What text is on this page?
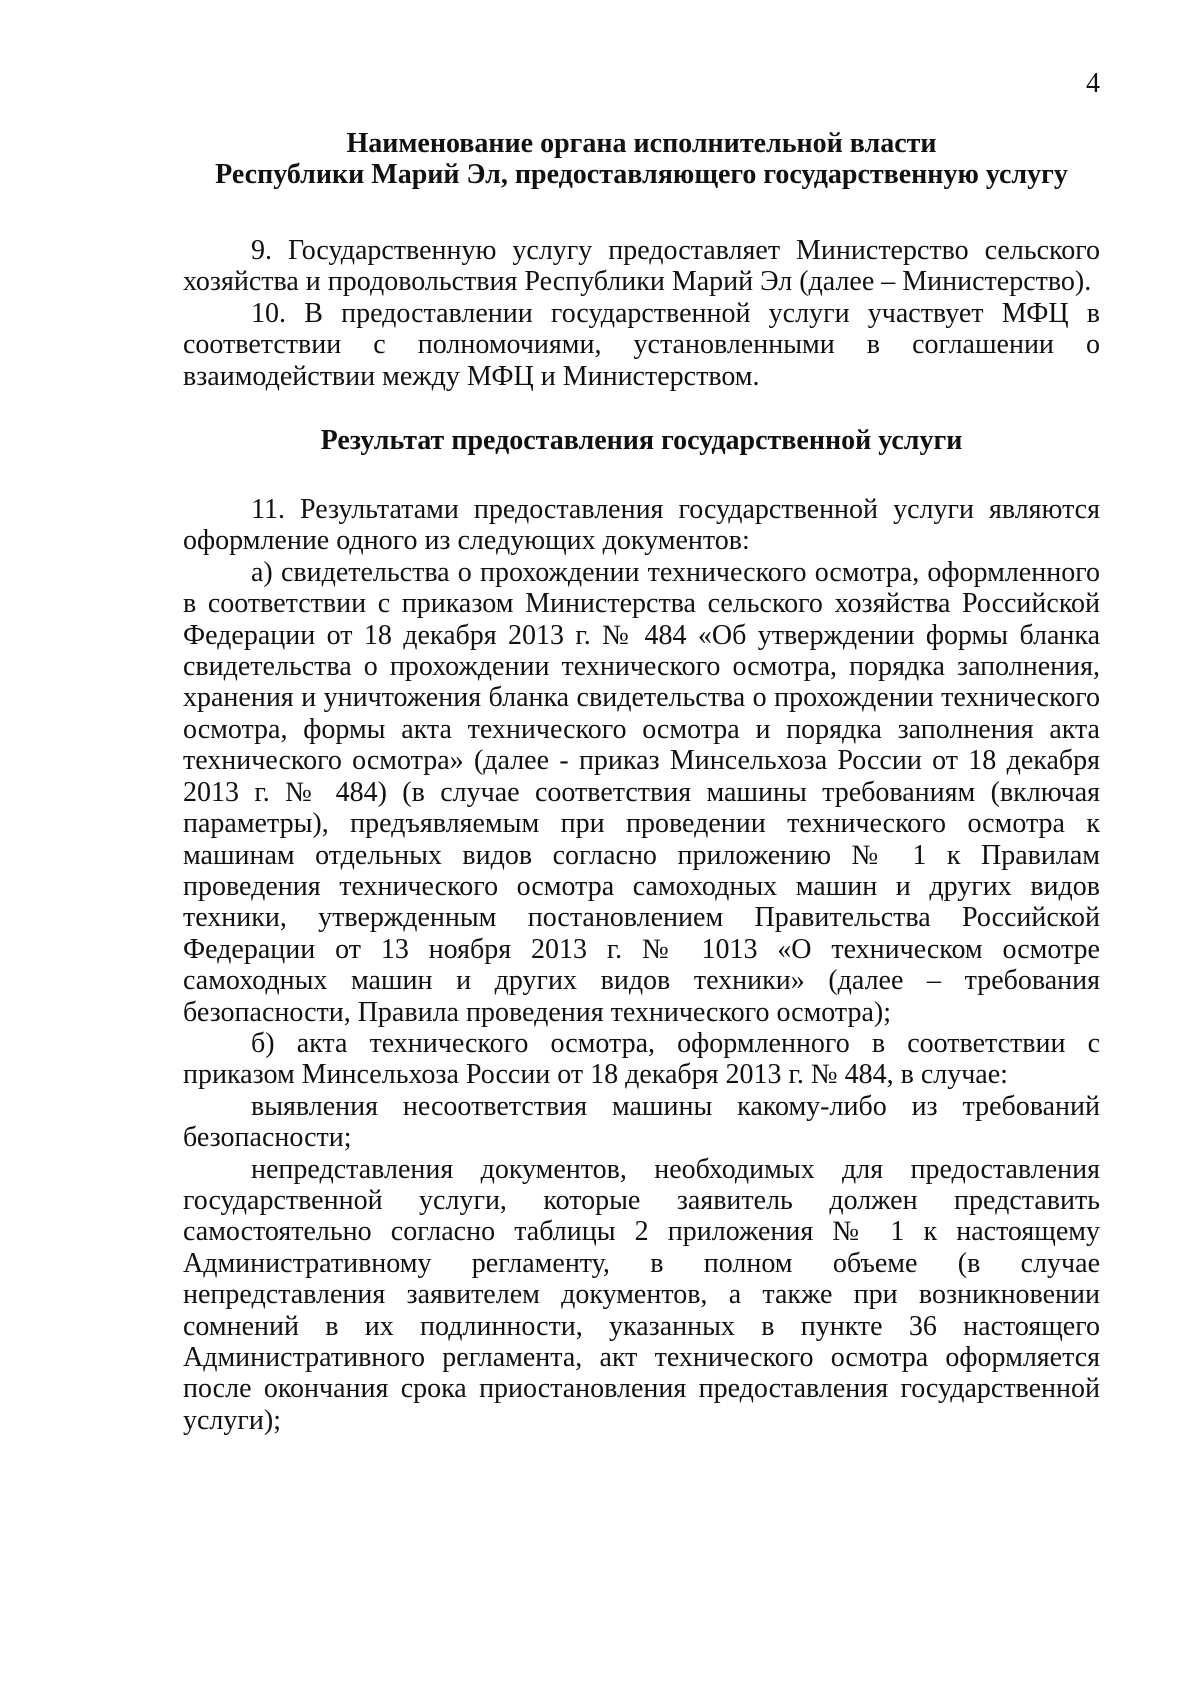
4
Наименование органа исполнительной власти
Республики Марий Эл, предоставляющего государственную услугу

9. Государственную услугу предоставляет Министерство сельского хозяйства и продовольствия Республики Марий Эл (далее – Министерство).

10. В предоставлении государственной услуги участвует МФЦ в соответствии с полномочиями, установленными в соглашении о взаимодействии между МФЦ и Министерством.

Результат предоставления государственной услуги

11. Результатами предоставления государственной услуги являются оформление одного из следующих документов:

а) свидетельства о прохождении технического осмотра, оформленного в соответствии с приказом Министерства сельского хозяйства Российской Федерации от 18 декабря 2013 г. № 484 «Об утверждении формы бланка свидетельства о прохождении технического осмотра, порядка заполнения, хранения и уничтожения бланка свидетельства о прохождении технического осмотра, формы акта технического осмотра и порядка заполнения акта технического осмотра» (далее - приказ Минсельхоза России от 18 декабря 2013 г. № 484) (в случае соответствия машины требованиям (включая параметры), предъявляемым при проведении технического осмотра к машинам отдельных видов согласно приложению № 1 к Правилам проведения технического осмотра самоходных машин и других видов техники, утвержденным постановлением Правительства Российской Федерации от 13 ноября 2013 г. № 1013 «О техническом осмотре самоходных машин и других видов техники» (далее – требования безопасности, Правила проведения технического осмотра);

б) акта технического осмотра, оформленного в соответствии с приказом Минсельхоза России от 18 декабря 2013 г. № 484, в случае:

выявления несоответствия машины какому-либо из требований безопасности;

непредставления документов, необходимых для предоставления государственной услуги, которые заявитель должен представить самостоятельно согласно таблицы 2 приложения № 1 к настоящему Административному регламенту, в полном объеме (в случае непредставления заявителем документов, а также при возникновении сомнений в их подлинности, указанных в пункте 36 настоящего Административного регламента, акт технического осмотра оформляется после окончания срока приостановления предоставления государственной услуги);
